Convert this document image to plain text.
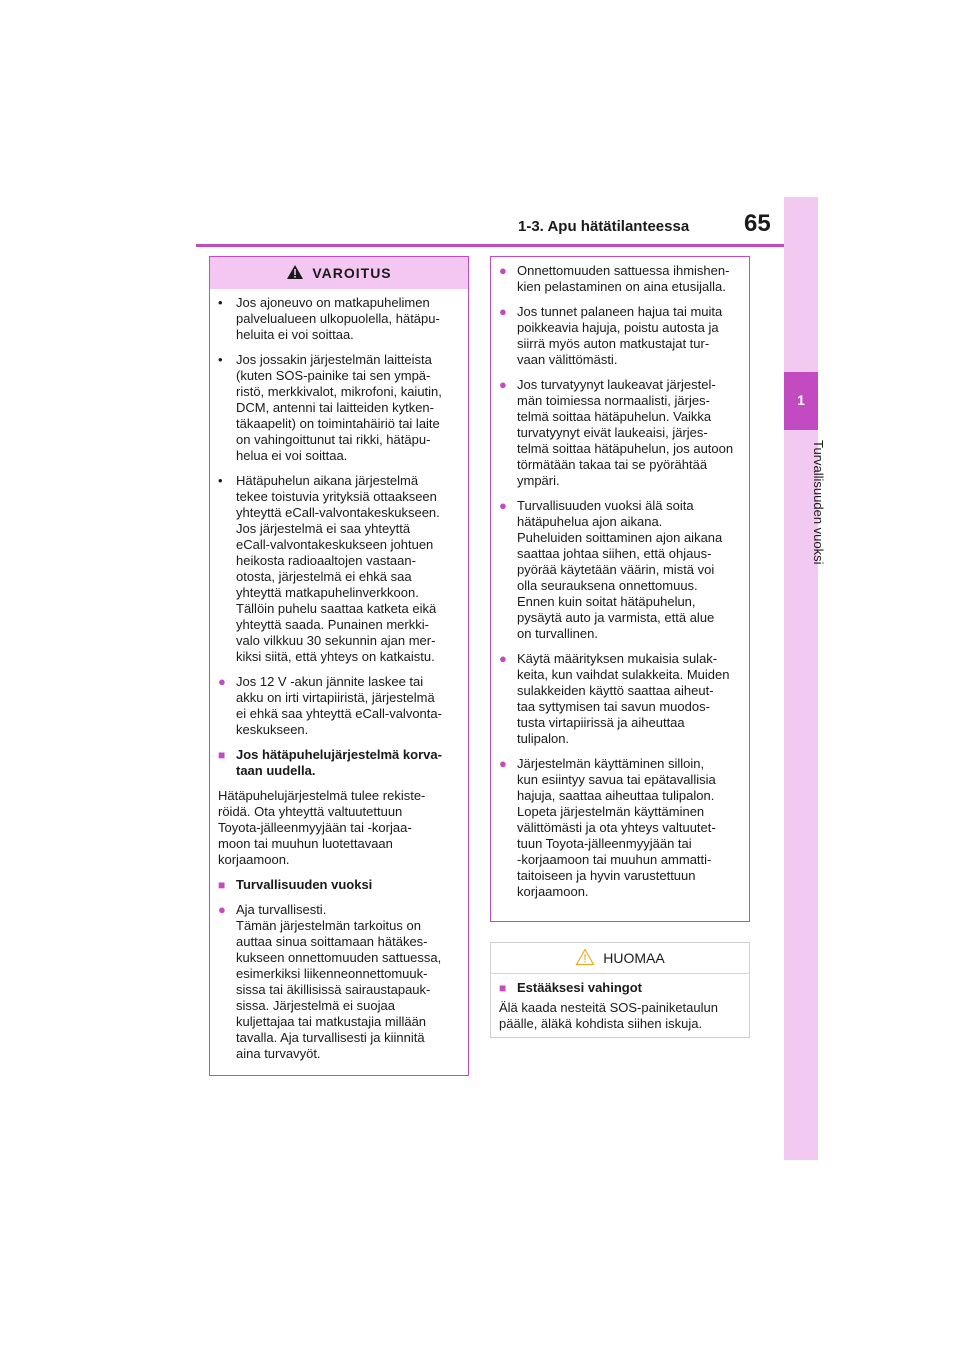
1-3. Apu hätätilanteessa 65
1
Turvallisuuden vuoksi
VAROITUS
•	Jos ajoneuvo on matkapuhelimen
palvelualueen ulkopuolella, hätäpu-
heluita ei voi soittaa.
•	Jos jossakin järjestelmän laitteista
(kuten SOS-painike tai sen ympä-
ristö, merkkivalot, mikrofoni, kaiutin,
DCM, antenni tai laitteiden kytken-
täkaapelit) on toimintahäiriö tai laite
on vahingoittunut tai rikki, hätäpu-
helua ei voi soittaa.
•	Hätäpuhelun aikana järjestelmä
tekee toistuvia yrityksiä ottaakseen
yhteyttä eCall-valvontakeskukseen.
Jos järjestelmä ei saa yhteyttä
eCall-valvontakeskukseen johtuen
heikosta radioaaltojen vastaan-
otosta, järjestelmä ei ehkä saa
yhteyttä matkapuhelinverkkoon.
Tällöin puhelu saattaa katketa eikä
yhteyttä saada. Punainen merkki-
valo vilkkuu 30 sekunnin ajan mer-
kiksi siitä, että yhteys on katkaistu.
● Jos 12 V -akun jännite laskee tai
akku on irti virtapiiristä, järjestelmä
ei ehkä saa yhteyttä eCall-valvonta-
keskukseen.
■ Jos hätäpuhelujärjestelmä korva-
taan uudella.
Hätäpuhelujärjestelmä tulee rekiste-
röidä. Ota yhteyttä valtuutettuun
Toyota-jälleenmyyjään tai -korjaa-
moon tai muuhun luotettavaan
korjaamoon.
■ Turvallisuuden vuoksi
● Aja turvallisesti.
Tämän järjestelmän tarkoitus on
auttaa sinua soittamaan hätäkes-
kukseen onnettomuuden sattuessa,
esimerkiksi liikenneonnettomuuk-
sissa tai äkillisissä sairaustapauk-
sissa. Järjestelmä ei suojaa
kuljettajaa tai matkustajia millään
tavalla. Aja turvallisesti ja kiinnitä
aina turvavyöt.
● Onnettomuuden sattuessa ihmishen-
kien pelastaminen on aina etusijalla.
● Jos tunnet palaneen hajua tai muita
poikkeavia hajuja, poistu autosta ja
siirrä myös auton matkustajat tur-
vaan välittömästi.
● Jos turvatyynyt laukeavat järjestel-
män toimiessa normaalisti, järjes-
telmä soittaa hätäpuhelun. Vaikka
turvatyynyt eivät laukeaisi, järjes-
telmä soittaa hätäpuhelun, jos autoon
törmätään takaa tai se pyörähtää
ympäri.
● Turvallisuuden vuoksi älä soita
hätäpuhelua ajon aikana.
Puheluiden soittaminen ajon aikana
saattaa johtaa siihen, että ohjaus-
pyörää käytetään väärin, mistä voi
olla seurauksena onnettomuus.
Ennen kuin soitat hätäpuhelun,
pysäytä auto ja varmista, että alue
on turvallinen.
● Käytä määrityksen mukaisia sulak-
keita, kun vaihdat sulakkeita. Muiden
sulakkeiden käyttö saattaa aiheut-
taa syttymisen tai savun muodos-
tusta virtapiirissä ja aiheuttaa
tulipalon.
● Järjestelmän käyttäminen silloin,
kun esiintyy savua tai epätavallisia
hajuja, saattaa aiheuttaa tulipalon.
Lopeta järjestelmän käyttäminen
välittömästi ja ota yhteys valtuutet-
tuun Toyota-jälleenmyyjään tai
-korjaamoon tai muuhun ammatti-
taitoiseen ja hyvin varustettuun
korjaamoon.
HUOMAA
■ Estääksesi vahingot
Älä kaada nesteitä SOS-painiketaulun
päälle, äläkä kohdista siihen iskuja.
